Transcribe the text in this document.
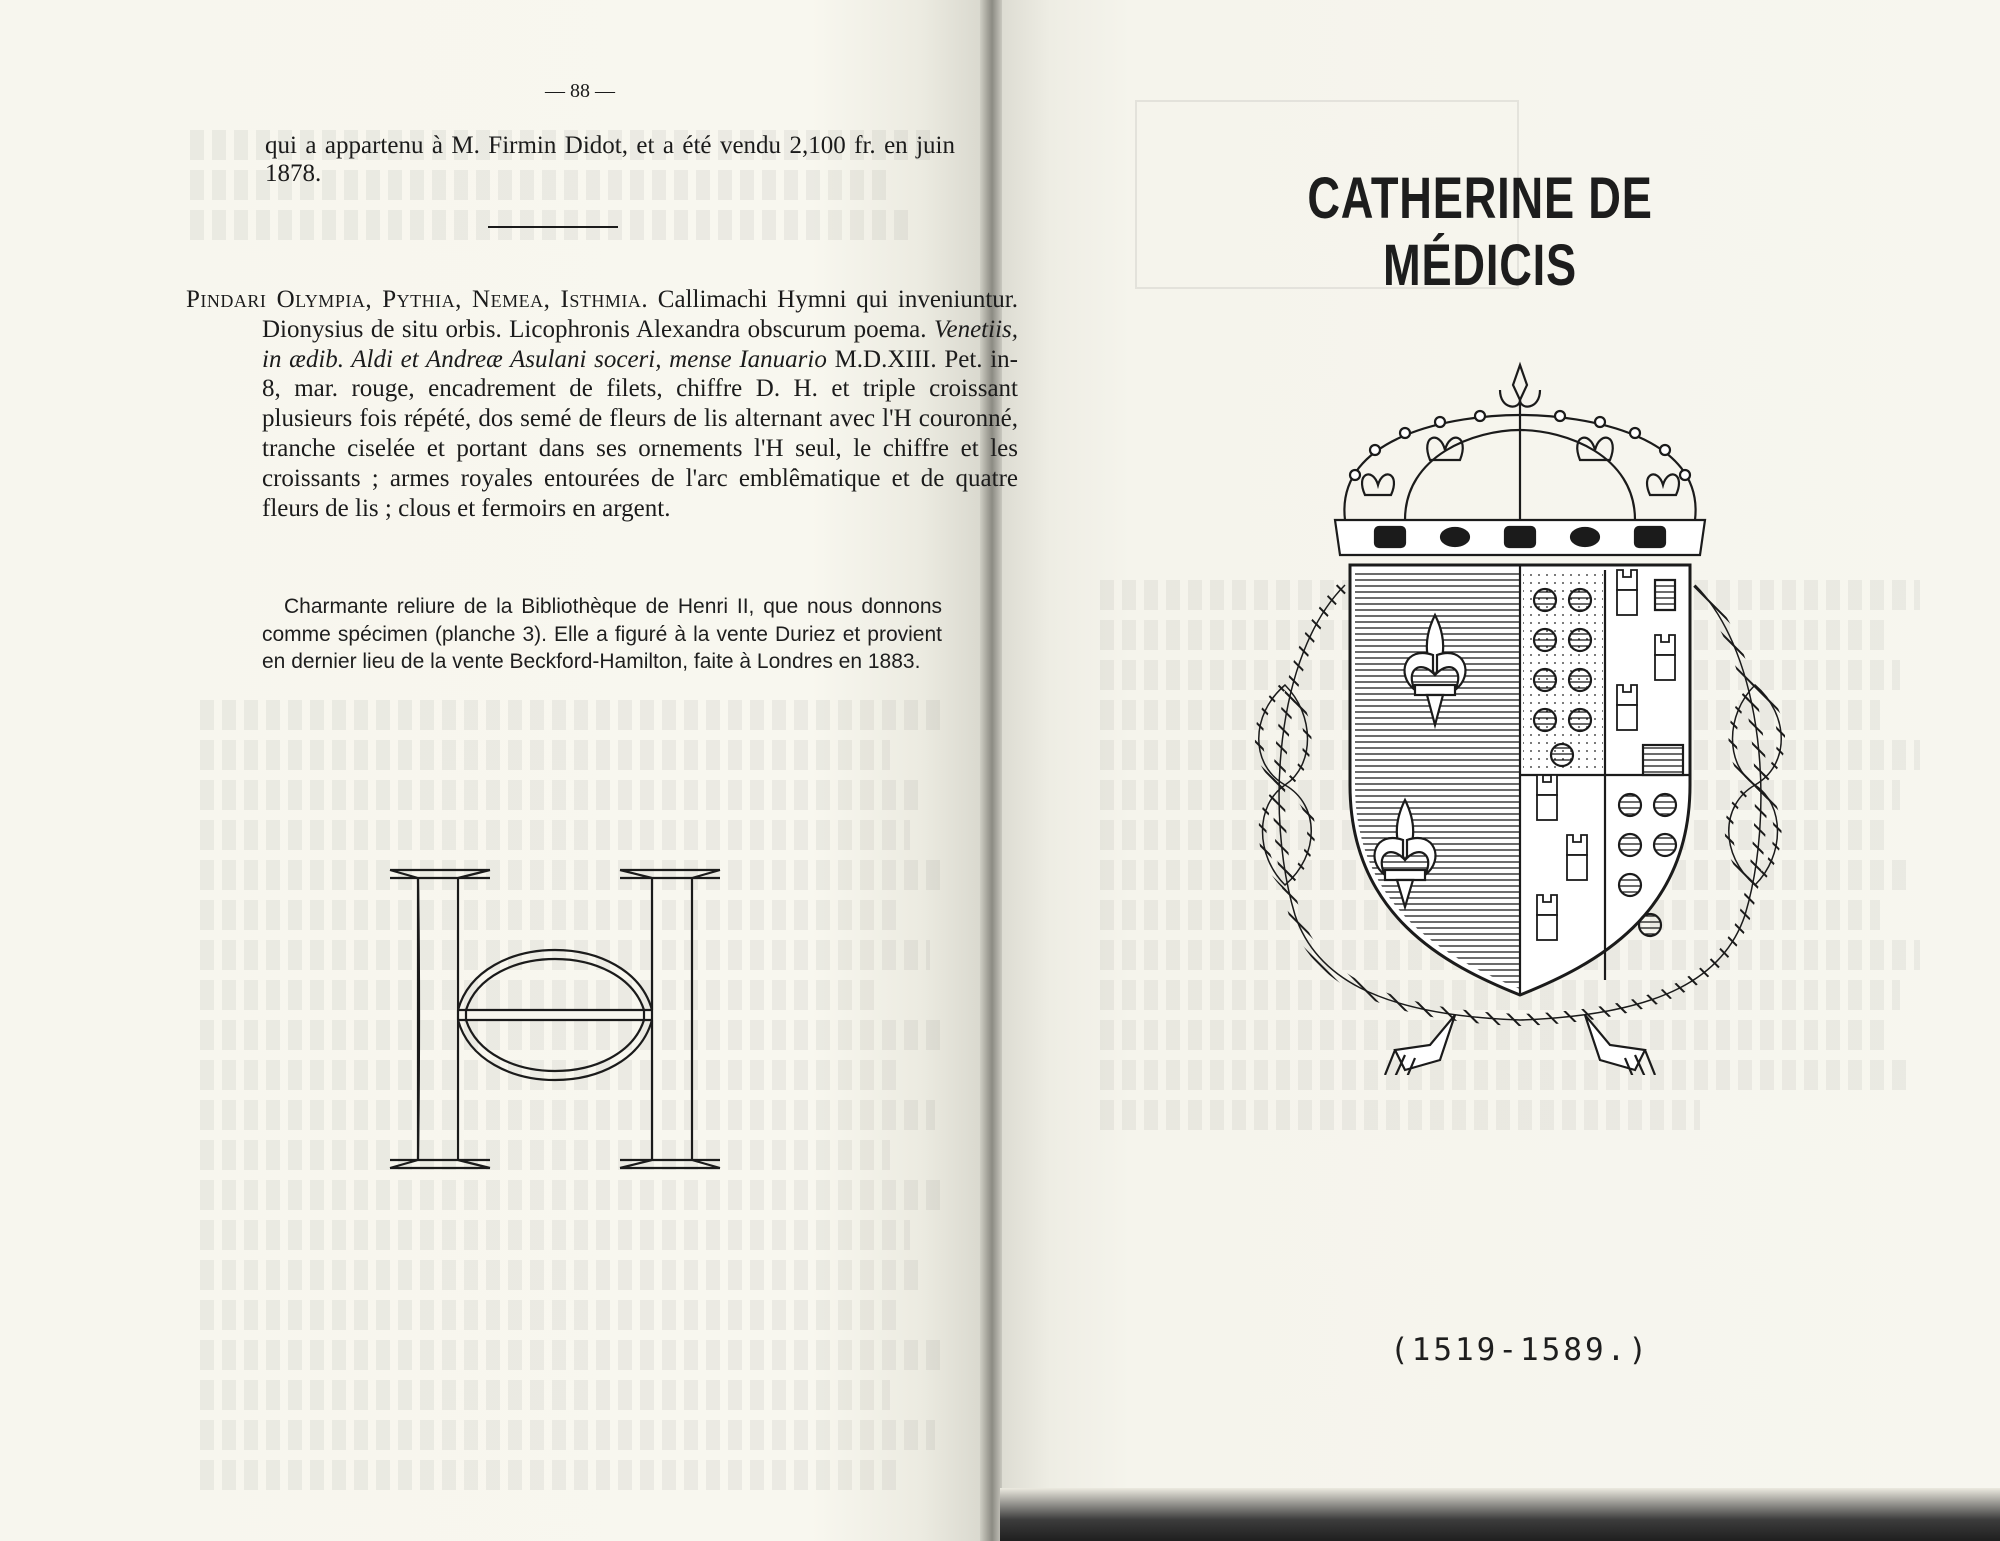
— 88 —
qui a appartenu à M. Firmin Didot, et a été vendu 2,100 fr. en juin 1878.
Pindari Olympia, Pythia, Nemea, Isthmia. Callimachi Hymni qui inveniuntur. Dionysius de situ orbis. Licophronis Alexandra obscurum poema. Venetiis, in ædib. Aldi et Andreæ Asulani soceri, mense Ianuario M.D.XIII. Pet. in-8, mar. rouge, encadrement de filets, chiffre D. H. et triple croissant plusieurs fois répété, dos semé de fleurs de lis alternant avec l'H couronné, tranche ciselée et portant dans ses ornements l'H seul, le chiffre et les croissants ; armes royales entourées de l'arc emblêmatique et de quatre fleurs de lis ; clous et fermoirs en argent.
Charmante reliure de la Bibliothèque de Henri II, que nous donnons comme spécimen (planche 3). Elle a figuré à la vente Duriez et provient en dernier lieu de la vente Beckford-Hamilton, faite à Londres en 1883.
CATHERINE DE MÉDICIS
(1519-1589.)
